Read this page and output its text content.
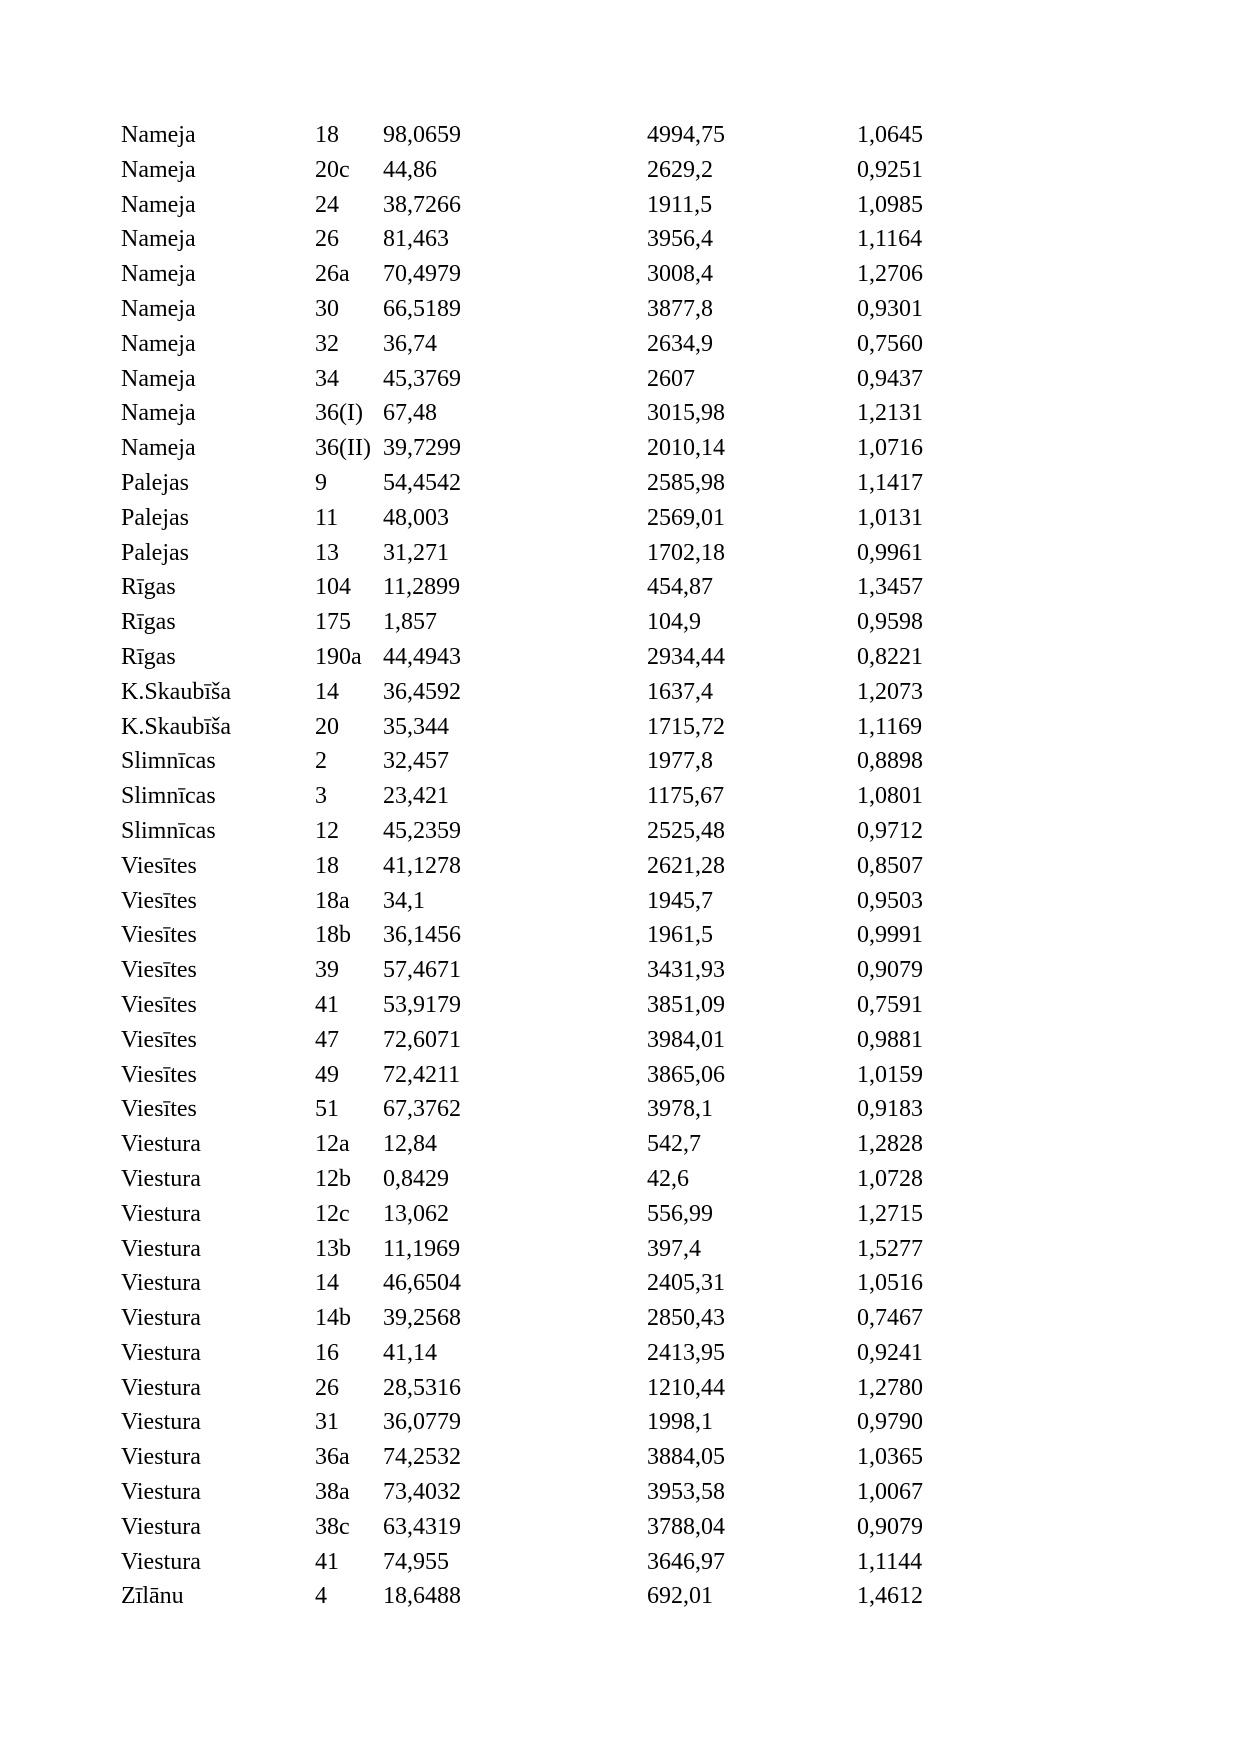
Nameja	18	98,0659	4994,75	1,0645
Nameja	20c	44,86	2629,2	0,9251
Nameja	24	38,7266	1911,5	1,0985
Nameja	26	81,463	3956,4	1,1164
Nameja	26a	70,4979	3008,4	1,2706
Nameja	30	66,5189	3877,8	0,9301
Nameja	32	36,74	2634,9	0,7560
Nameja	34	45,3769	2607	0,9437
Nameja	36(I)	67,48	3015,98	1,2131
Nameja	36(II)	39,7299	2010,14	1,0716
Palejas	9	54,4542	2585,98	1,1417
Palejas	11	48,003	2569,01	1,0131
Palejas	13	31,271	1702,18	0,9961
Rīgas	104	11,2899	454,87	1,3457
Rīgas	175	1,857	104,9	0,9598
Rīgas	190a	44,4943	2934,44	0,8221
K.Skaubīša	14	36,4592	1637,4	1,2073
K.Skaubīša	20	35,344	1715,72	1,1169
Slimnīcas	2	32,457	1977,8	0,8898
Slimnīcas	3	23,421	1175,67	1,0801
Slimnīcas	12	45,2359	2525,48	0,9712
Viesītes	18	41,1278	2621,28	0,8507
Viesītes	18a	34,1	1945,7	0,9503
Viesītes	18b	36,1456	1961,5	0,9991
Viesītes	39	57,4671	3431,93	0,9079
Viesītes	41	53,9179	3851,09	0,7591
Viesītes	47	72,6071	3984,01	0,9881
Viesītes	49	72,4211	3865,06	1,0159
Viesītes	51	67,3762	3978,1	0,9183
Viestura	12a	12,84	542,7	1,2828
Viestura	12b	0,8429	42,6	1,0728
Viestura	12c	13,062	556,99	1,2715
Viestura	13b	11,1969	397,4	1,5277
Viestura	14	46,6504	2405,31	1,0516
Viestura	14b	39,2568	2850,43	0,7467
Viestura	16	41,14	2413,95	0,9241
Viestura	26	28,5316	1210,44	1,2780
Viestura	31	36,0779	1998,1	0,9790
Viestura	36a	74,2532	3884,05	1,0365
Viestura	38a	73,4032	3953,58	1,0067
Viestura	38c	63,4319	3788,04	0,9079
Viestura	41	74,955	3646,97	1,1144
Zīlānu	4	18,6488	692,01	1,4612
